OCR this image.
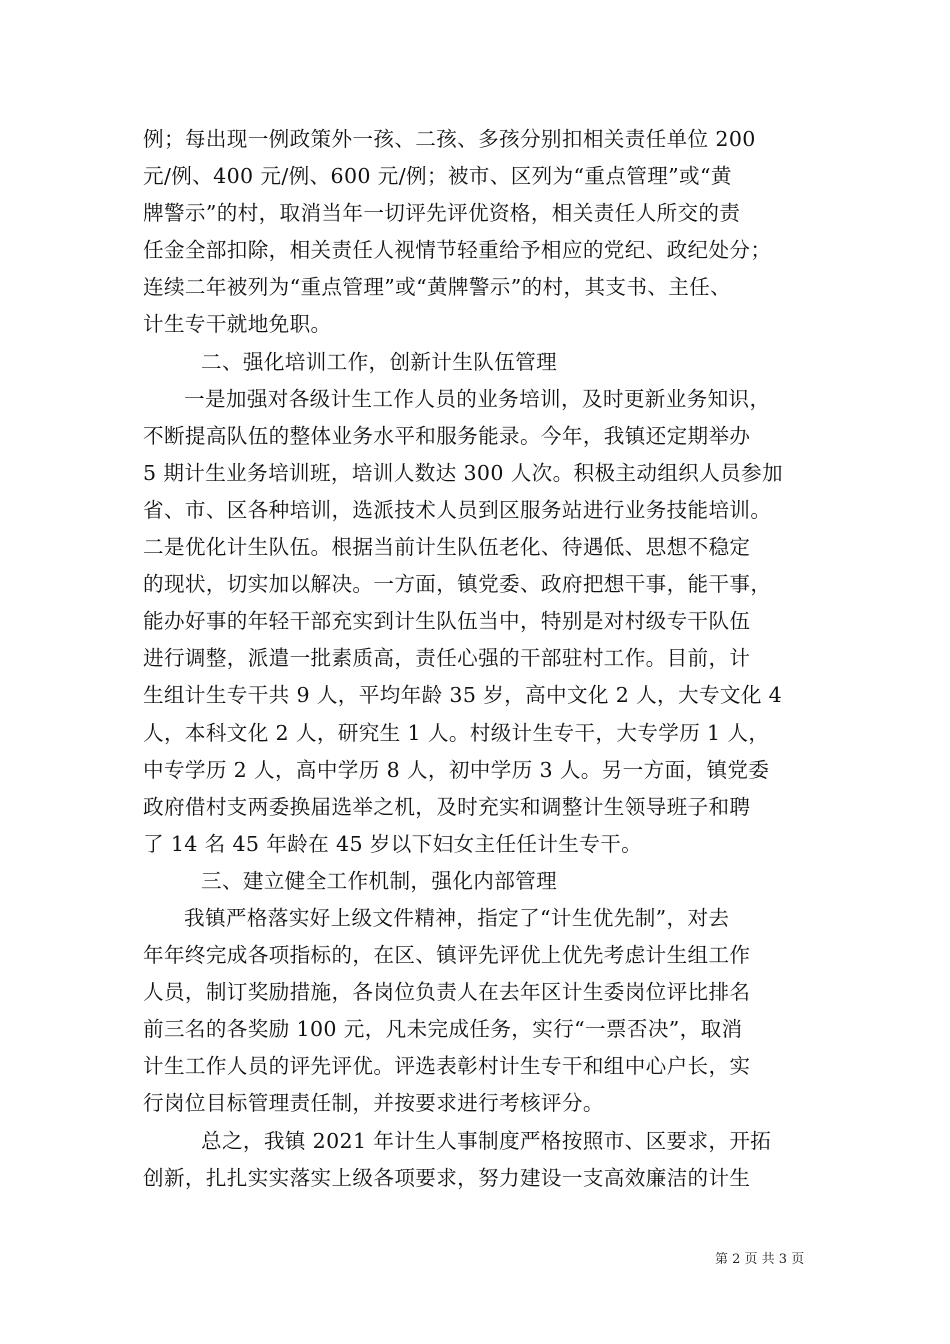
例；每出现一例政策外一孩、二孩、多孩分别扣相关责任单位 200
元/例、400 元/例、600 元/例；被市、区列为“重点管理”或“黄
牌警示”的村，取消当年一切评先评优资格，相关责任人所交的责
任金全部扣除，相关责任人视情节轻重给予相应的党纪、政纪处分；
连续二年被列为“重点管理”或“黄牌警示”的村，其支书、主任、
计生专干就地免职。
二、强化培训工作，创新计生队伍管理
一是加强对各级计生工作人员的业务培训，及时更新业务知识，
不断提高队伍的整体业务水平和服务能录。今年，我镇还定期举办
5 期计生业务培训班，培训人数达 300 人次。积极主动组织人员参加
省、市、区各种培训，选派技术人员到区服务站进行业务技能培训。
二是优化计生队伍。根据当前计生队伍老化、待遇低、思想不稳定
的现状，切实加以解决。一方面，镇党委、政府把想干事，能干事，
能办好事的年轻干部充实到计生队伍当中，特别是对村级专干队伍
进行调整，派遣一批素质高，责任心强的干部驻村工作。目前，计
生组计生专干共 9 人，平均年龄 35 岁，高中文化 2 人，大专文化 4
人，本科文化 2 人，研究生 1 人。村级计生专干，大专学历 1 人，
中专学历 2 人，高中学历 8 人，初中学历 3 人。另一方面，镇党委
政府借村支两委换届选举之机，及时充实和调整计生领导班子和聘
了 14 名 45 年龄在 45 岁以下妇女主任任计生专干。
三、建立健全工作机制，强化内部管理
我镇严格落实好上级文件精神，指定了“计生优先制”，对去
年年终完成各项指标的，在区、镇评先评优上优先考虑计生组工作
人员，制订奖励措施，各岗位负责人在去年区计生委岗位评比排名
前三名的各奖励 100 元，凡未完成任务，实行“一票否决”，取消
计生工作人员的评先评优。评选表彰村计生专干和组中心户长，实
行岗位目标管理责任制，并按要求进行考核评分。
总之，我镇 2021 年计生人事制度严格按照市、区要求，开拓
创新，扎扎实实落实上级各项要求，努力建设一支高效廉洁的计生
第 2 页 共 3 页
